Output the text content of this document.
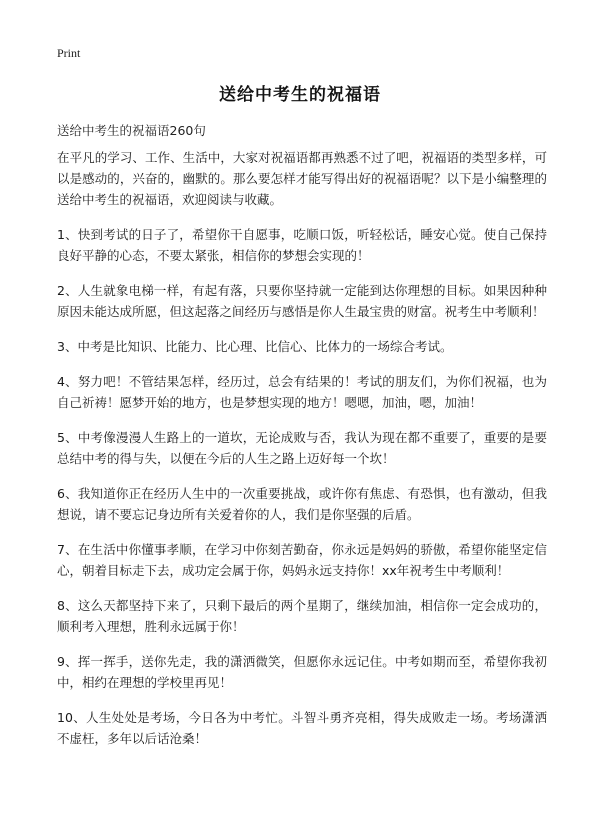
Print
送给中考生的祝福语
送给中考生的祝福语260句

在平凡的学习、工作、生活中，大家对祝福语都再熟悉不过了吧，祝福语的类型多样，可以是感动的，兴奋的，幽默的。那么要怎样才能写得出好的祝福语呢？以下是小编整理的送给中考生的祝福语，欢迎阅读与收藏。

1、快到考试的日子了，希望你干自愿事，吃顺口饭，听轻松话，睡安心觉。使自己保持良好平静的心态，不要太紧张，相信你的梦想会实现的！

2、人生就象电梯一样，有起有落，只要你坚持就一定能到达你理想的目标。如果因种种原因未能达成所愿，但这起落之间经历与感悟是你人生最宝贵的财富。祝考生中考顺利！

3、中考是比知识、比能力、比心理、比信心、比体力的一场综合考试。

4、努力吧！不管结果怎样，经历过，总会有结果的！考试的朋友们，为你们祝福，也为自己祈祷！愿梦开始的地方，也是梦想实现的地方！嗯嗯，加油，嗯，加油！

5、中考像漫漫人生路上的一道坎，无论成败与否，我认为现在都不重要了，重要的是要总结中考的得与失，以便在今后的人生之路上迈好每一个坎！

6、我知道你正在经历人生中的一次重要挑战，或许你有焦虑、有恐惧，也有激动，但我想说，请不要忘记身边所有关爱着你的人，我们是你坚强的后盾。

7、在生活中你懂事孝顺，在学习中你刻苦勤奋，你永远是妈妈的骄傲，希望你能坚定信心，朝着目标走下去，成功定会属于你，妈妈永远支持你！xx年祝考生中考顺利！

8、这么天都坚持下来了，只剩下最后的两个星期了，继续加油，相信你一定会成功的，顺利考入理想，胜利永远属于你！

9、挥一挥手，送你先走，我的潇洒微笑，但愿你永远记住。中考如期而至，希望你我初中，相约在理想的学校里再见！

10、人生处处是考场，今日各为中考忙。斗智斗勇齐亮相，得失成败走一场。考场潇洒不虚枉，多年以后话沧桑！
